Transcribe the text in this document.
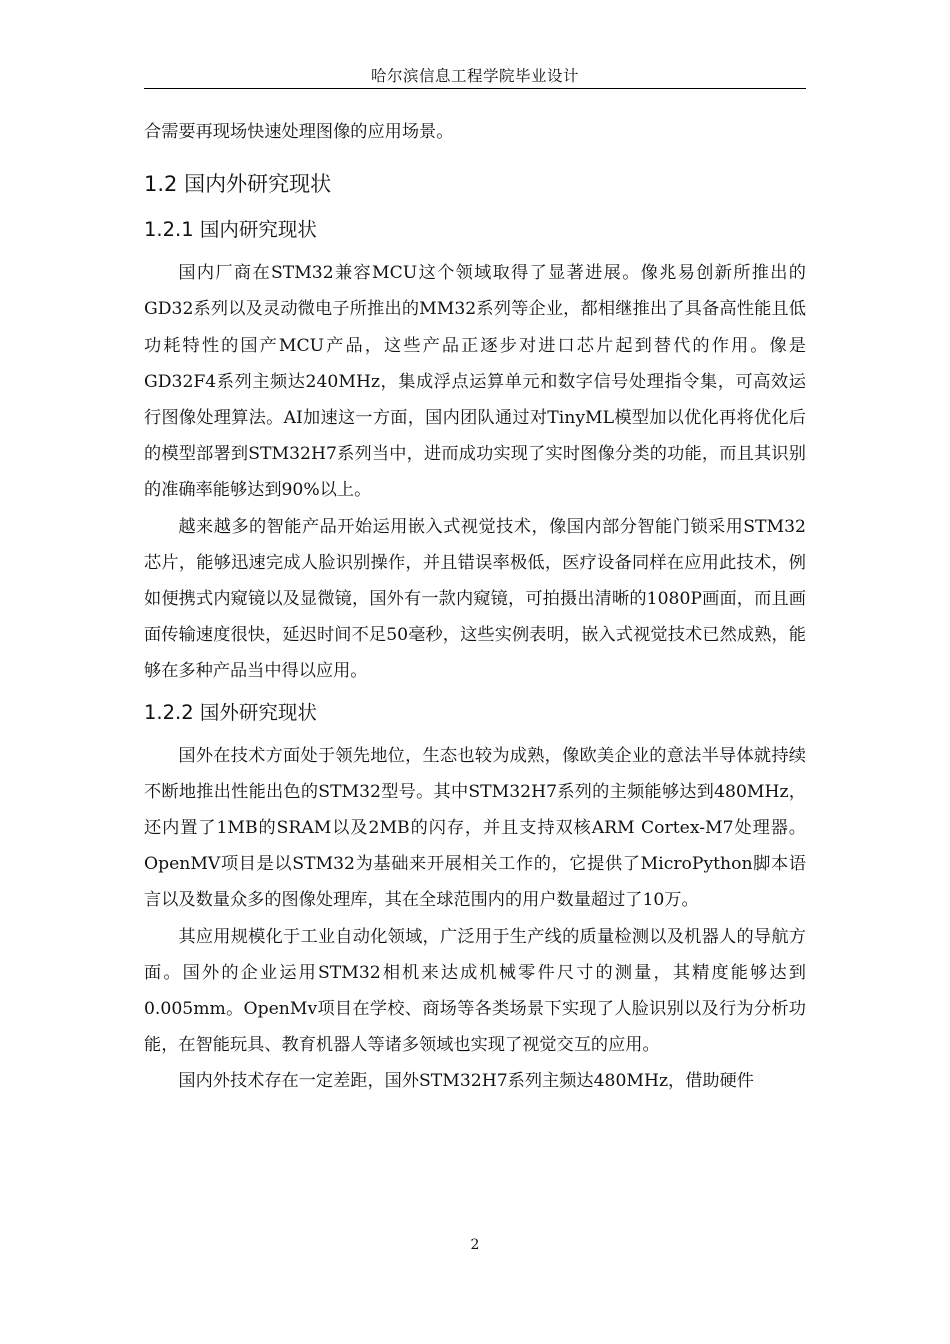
哈尔滨信息工程学院毕业设计

合需要再现场快速处理图像的应用场景。

1.2 国内外研究现状
1.2.1 国内研究现状

国内厂商在STM32兼容MCU这个领域取得了显著进展。像兆易创新所推出的GD32系列以及灵动微电子所推出的MM32系列等企业，都相继推出了具备高性能且低功耗特性的国产MCU产品，这些产品正逐步对进口芯片起到替代的作用。像是GD32F4系列主频达240MHz，集成浮点运算单元和数字信号处理指令集，可高效运行图像处理算法。AI加速这一方面，国内团队通过对TinyML模型加以优化再将优化后的模型部署到STM32H7系列当中，进而成功实现了实时图像分类的功能，而且其识别的准确率能够达到90%以上。

越来越多的智能产品开始运用嵌入式视觉技术，像国内部分智能门锁采用STM32芯片，能够迅速完成人脸识别操作，并且错误率极低，医疗设备同样在应用此技术，例如便携式内窥镜以及显微镜，国外有一款内窥镜，可拍摄出清晰的1080P画面，而且画面传输速度很快，延迟时间不足50毫秒，这些实例表明，嵌入式视觉技术已然成熟，能够在多种产品当中得以应用。

1.2.2 国外研究现状

国外在技术方面处于领先地位，生态也较为成熟，像欧美企业的意法半导体就持续不断地推出性能出色的STM32型号。其中STM32H7系列的主频能够达到480MHz，还内置了1MB的SRAM以及2MB的闪存，并且支持双核ARM Cortex-M7处理器。OpenMV项目是以STM32为基础来开展相关工作的，它提供了MicroPython脚本语言以及数量众多的图像处理库，其在全球范围内的用户数量超过了10万。

其应用规模化于工业自动化领域，广泛用于生产线的质量检测以及机器人的导航方面。国外的企业运用STM32相机来达成机械零件尺寸的测量，其精度能够达到0.005mm。OpenMv项目在学校、商场等各类场景下实现了人脸识别以及行为分析功能，在智能玩具、教育机器人等诸多领域也实现了视觉交互的应用。

国内外技术存在一定差距，国外STM32H7系列主频达480MHz，借助硬件

2
